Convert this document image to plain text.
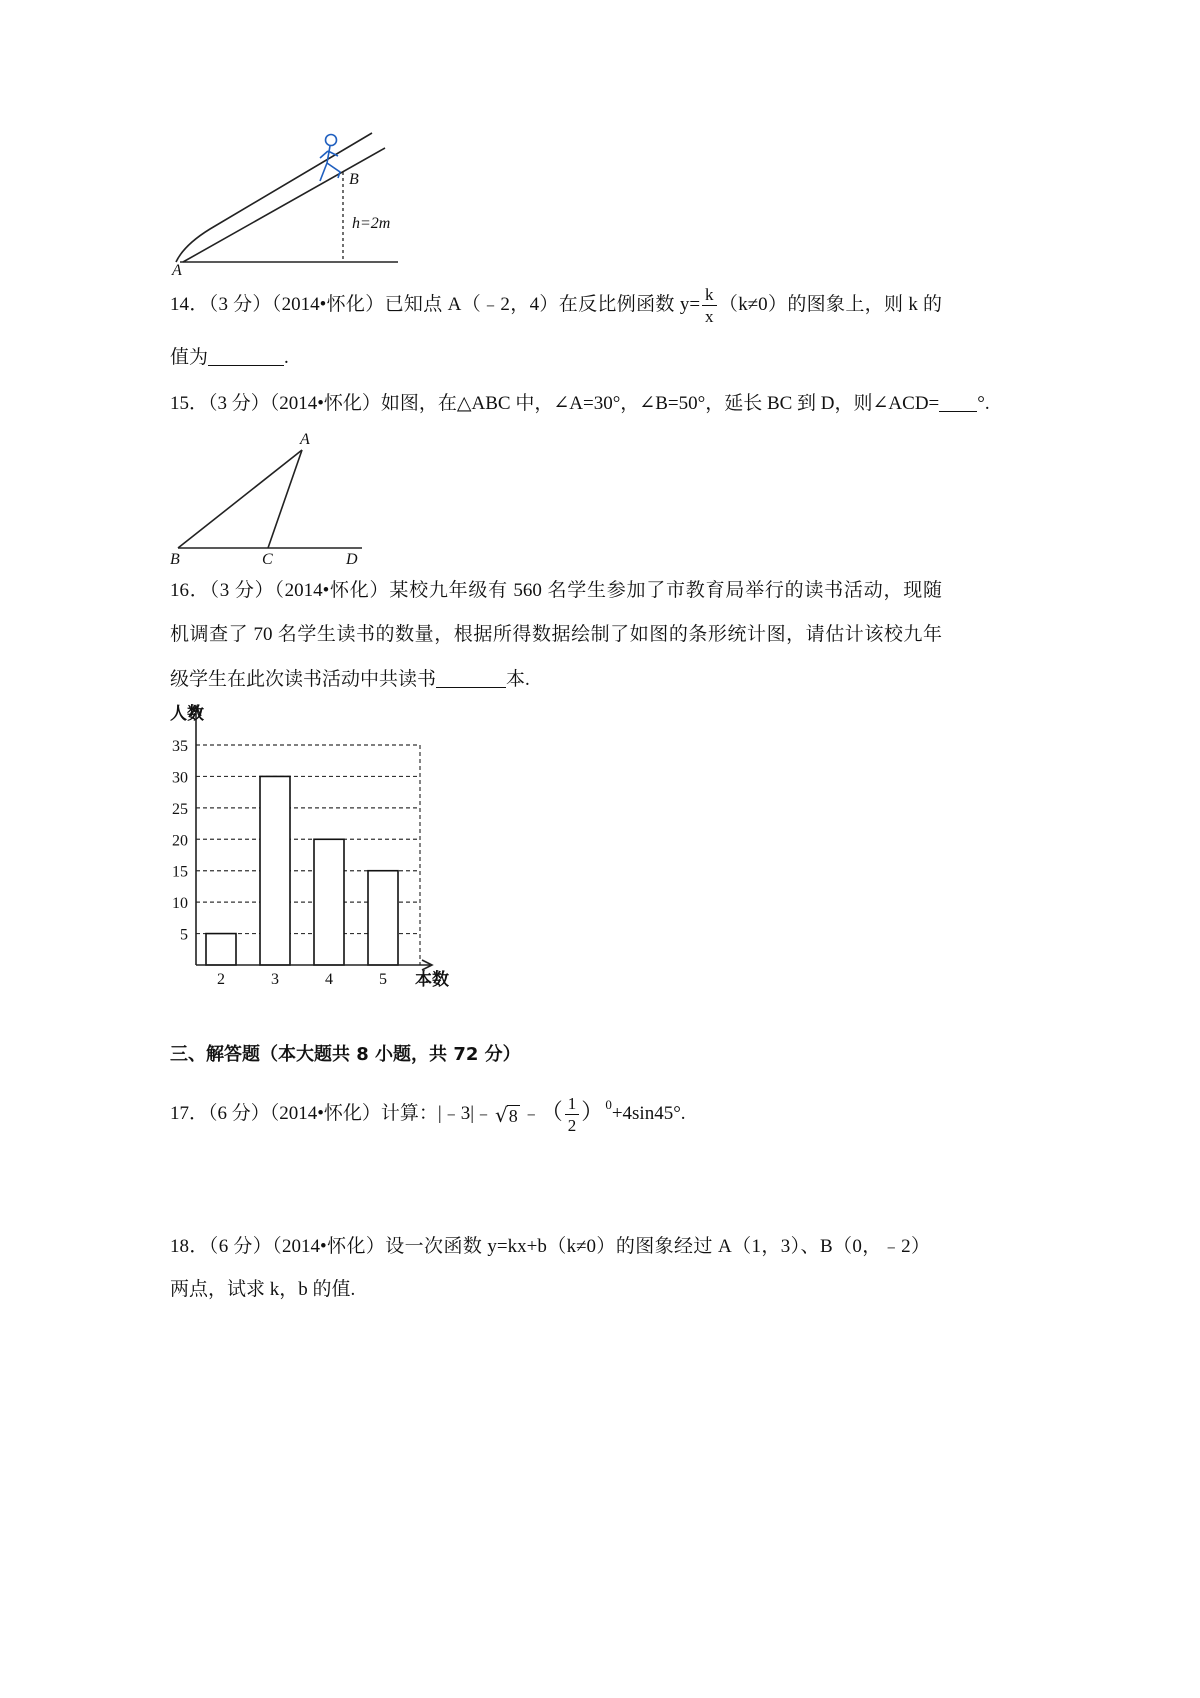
B
h=2m
A
14．（3 分）（2014•怀化）已知点 A（﹣2，4）在反比例函数 $y= \frac{k}{x} (k\ne 0)$的图象上，则 k 的
值为	.
15．（3 分）（2014•怀化）如图，在△ABC 中，∠A=30°，∠B=50°，延长 BC 到 D，则∠ACD= °.
A
B	C	D
16．（3 分）（2014•怀化）某校九年级有 560 名学生参加了市教育局举行的读书活动，现随
机调查了 70 名学生读书的数量，根据所得数据绘制了如图的条形统计图，请估计该校九年
级学生在此次读书活动中共读书	本.
人数
本数
5
10
15
20
25
30
35
2	3	4	5
三、解答题（本大题共 8 小题，共 72 分）
17．（6 分）（2014•怀化）计算：|﹣3|﹣ √ 8 ﹣（ $\frac{1}{2}$ ） $^0$+4sin45°.
18．（6 分）（2014•怀化）设一次函数 y=kx+b（k≠0）的图象经过 A（1，3）、B（0，﹣2）
两点，试求 k，b 的值.
